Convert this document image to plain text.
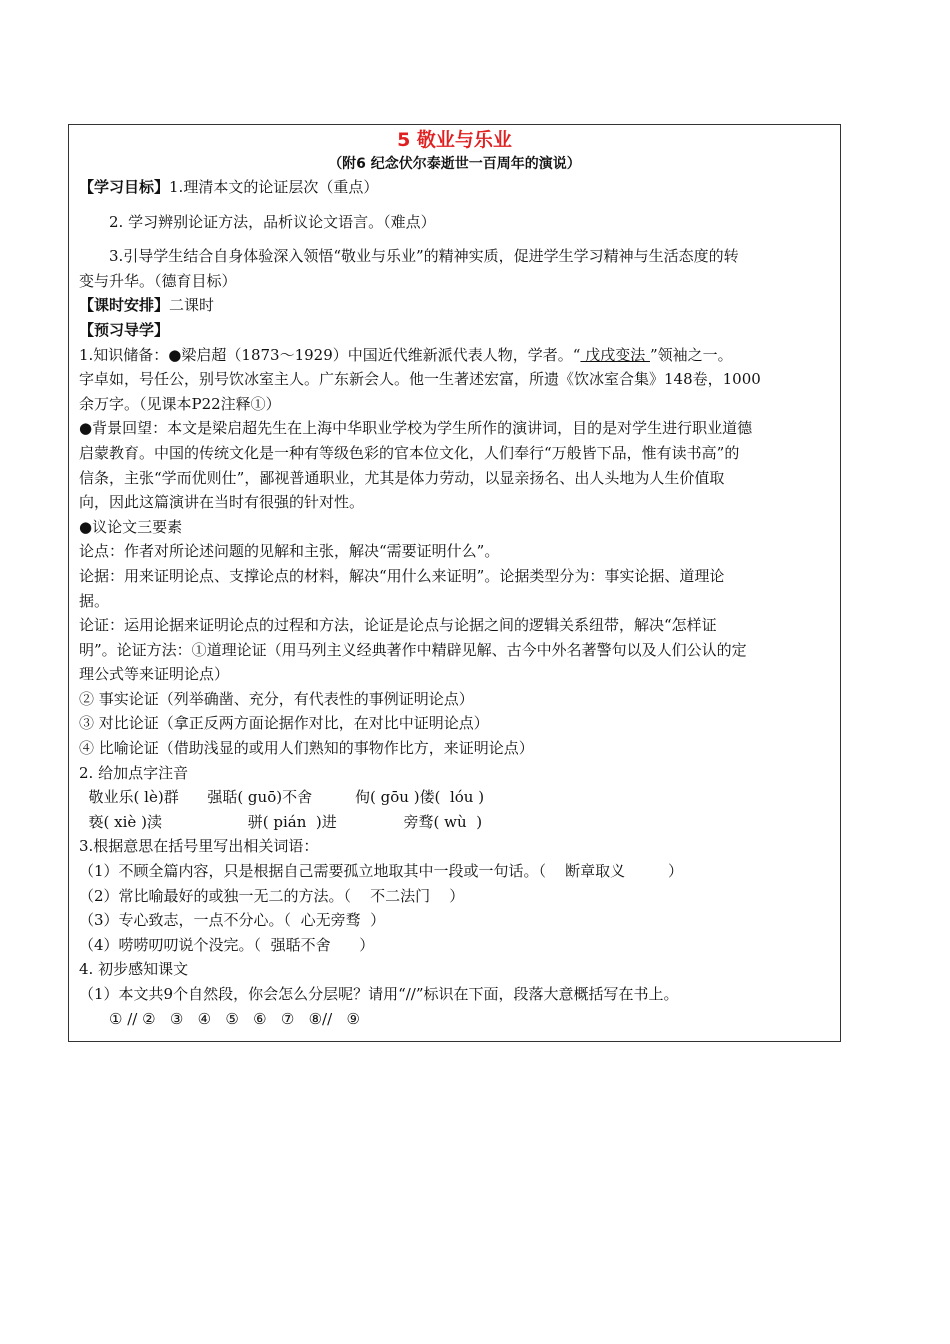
5 敬业与乐业

（附6 纪念伏尔泰逝世一百周年的演说）

【学习目标】1.理清本文的论证层次（重点）

2. 学习辨别论证方法，品析议论文语言。（难点）

3.引导学生结合自身体验深入领悟“敬业与乐业”的精神实质，促进学生学习精神与生活态度的转

变与升华。（德育目标）

【课时安排】二课时

【预习导学】

1.知识储备：●梁启超（1873～1929）中国近代维新派代表人物，学者。“ 戊戌变法 ”领袖之一。

字卓如，号任公，别号饮冰室主人。广东新会人。他一生著述宏富，所遗《饮冰室合集》148卷，1000

余万字。（见课本P22注释①）

●背景回望：本文是梁启超先生在上海中华职业学校为学生所作的演讲词，目的是对学生进行职业道德

启蒙教育。中国的传统文化是一种有等级色彩的官本位文化，人们奉行“万般皆下品，惟有读书高”的

信条，主张“学而优则仕”，鄙视普通职业，尤其是体力劳动，以显亲扬名、出人头地为人生价值取

向，因此这篇演讲在当时有很强的针对性。

●议论文三要素

论点：作者对所论述问题的见解和主张，解决“需要证明什么”。

论据：用来证明论点、支撑论点的材料，解决“用什么来证明”。论据类型分为：事实论据、道理论

据。

论证：运用论据来证明论点的过程和方法，论证是论点与论据之间的逻辑关系纽带，解决“怎样证

明”。论证方法：①道理论证（用马列主义经典著作中精辟见解、古今中外名著警句以及人们公认的定

理公式等来证明论点）

② 事实论证（列举确凿、充分，有代表性的事例证明论点）

③ 对比论证（拿正反两方面论据作对比，在对比中证明论点）

④ 比喻论证（借助浅显的或用人们熟知的事物作比方，来证明论点）

2. 给加点字注音

敬业乐( lè)群 强聒( guō)不舍	佝( gōu )偻(  lóu )

亵( xiè )渎	骈( pián  )进	旁骛( wù  )

3.根据意思在括号里写出相关词语：

（1）不顾全篇内容，只是根据自己需要孤立地取其中一段或一句话。（    断章取义         ）

（2）常比喻最好的或独一无二的方法。（    不二法门    ）

（3）专心致志，一点不分心。（  心无旁骛  ）

（4）唠唠叨叨说个没完。（  强聒不舍      ）

4. 初步感知课文

（1）本文共9个自然段，你会怎么分层呢？请用“//”标识在下面，段落大意概括写在书上。

① // ②   ③   ④   ⑤   ⑥   ⑦   ⑧//   ⑨
